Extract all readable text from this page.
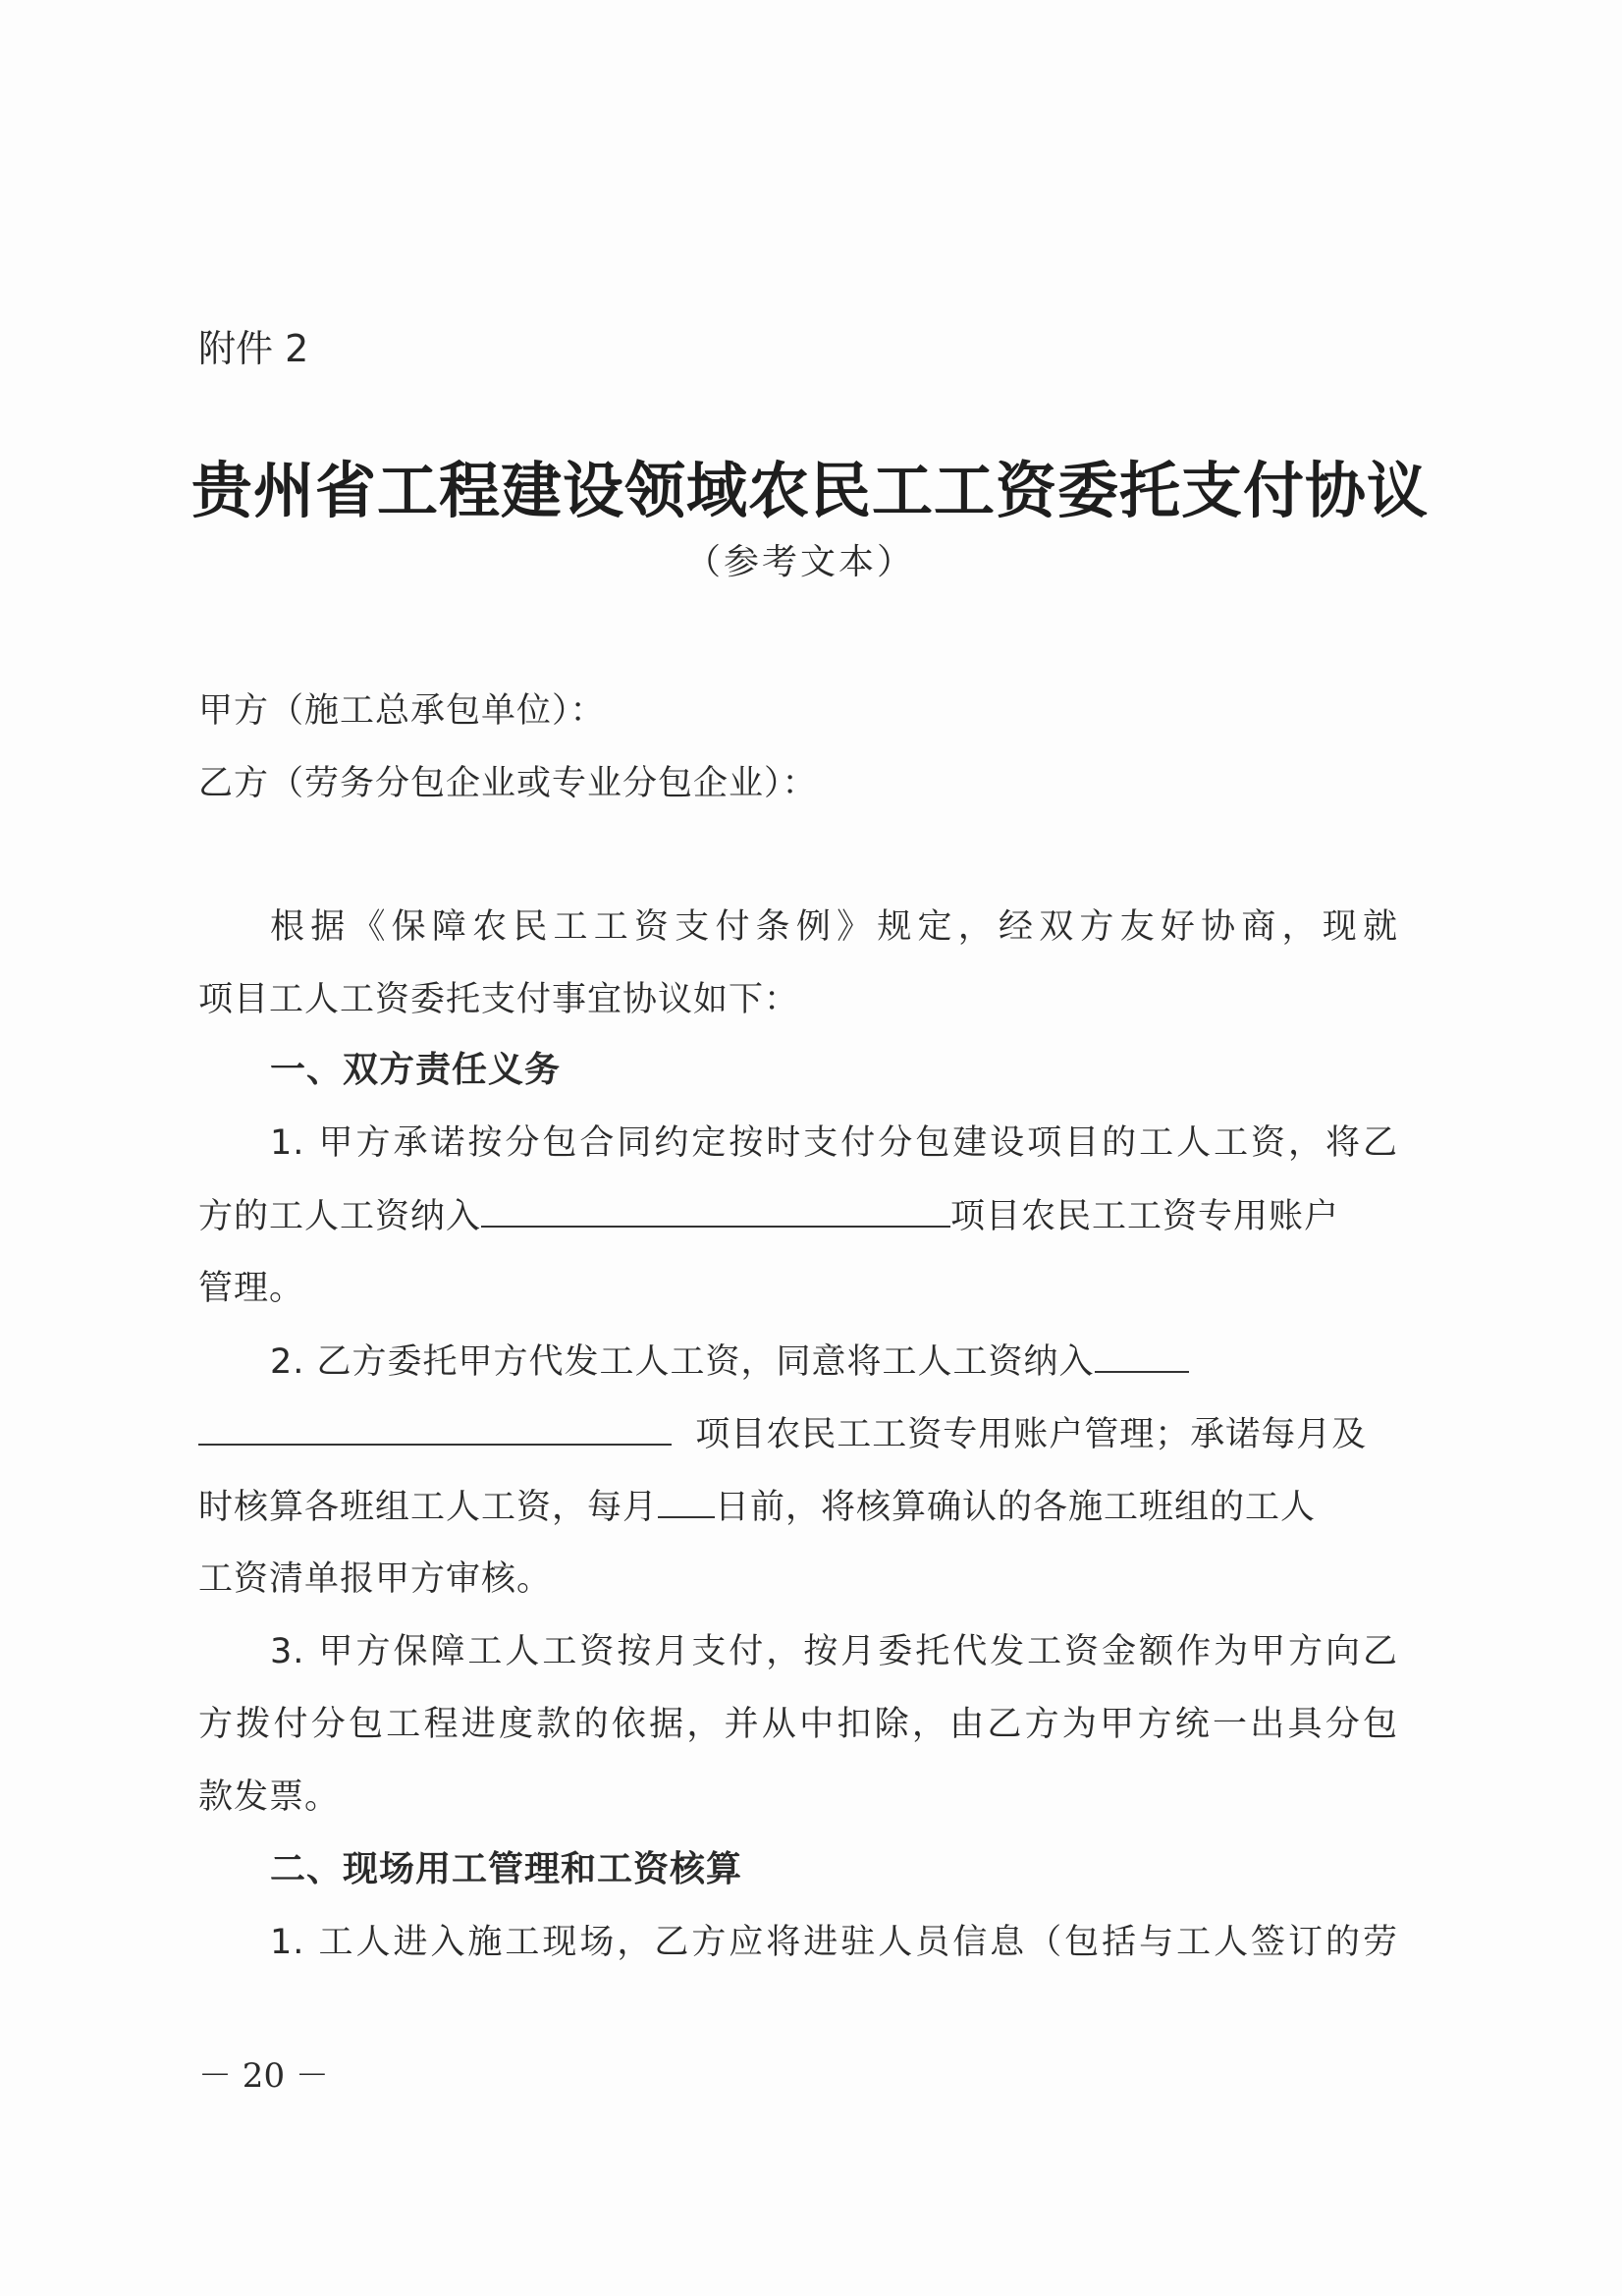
附件 2
贵州省工程建设领域农民工工资委托支付协议
（参考文本）
甲方（施工总承包单位）：
乙方（劳务分包企业或专业分包企业）：
根据《保障农民工工资支付条例》规定，经双方友好协商，现就
项目工人工资委托支付事宜协议如下：
一、双方责任义务
1. 甲方承诺按分包合同约定按时支付分包建设项目的工人工资，将乙
方的工人工资纳入	项目农民工工资专用账户
管理。
2. 乙方委托甲方代发工人工资，同意将工人工资纳入
项目农民工工资专用账户管理；承诺每月及
时核算各班组工人工资，每月 日前，将核算确认的各施工班组的工人
工资清单报甲方审核。
3. 甲方保障工人工资按月支付，按月委托代发工资金额作为甲方向乙
方拨付分包工程进度款的依据，并从中扣除，由乙方为甲方统一出具分包
款发票。
二、现场用工管理和工资核算
1. 工人进入施工现场，乙方应将进驻人员信息（包括与工人签订的劳
－ 20 －
